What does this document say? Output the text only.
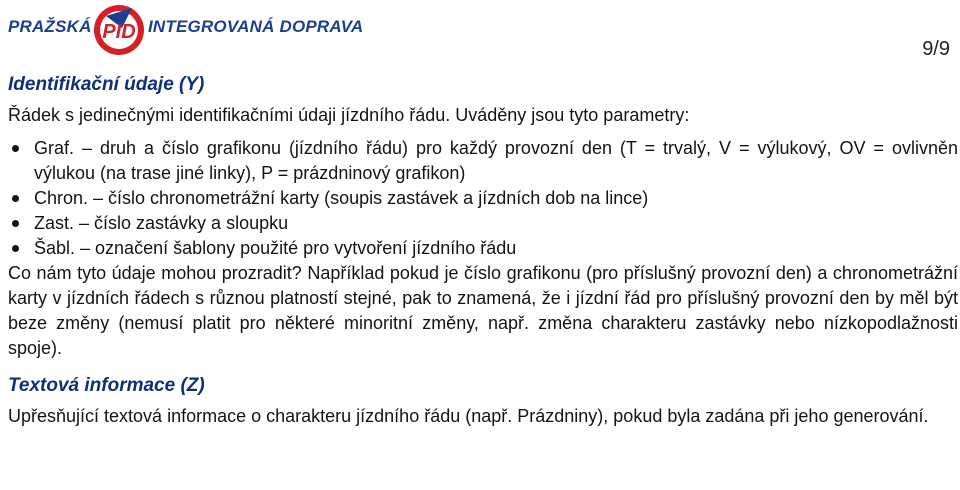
PRAŽSKÁ PID INTEGROVANÁ DOPRAVA
9/9
Identifikační údaje (Y)

Řádek s jedinečnými identifikačními údaji jízdního řádu. Uváděny jsou tyto parametry:

Graf. – druh a číslo grafikonu (jízdního řádu) pro každý provozní den (T = trvalý, V = výlukový, OV = ovlivněn výlukou (na trase jiné linky), P = prázdninový grafikon)
Chron. – číslo chronometrážní karty (soupis zastávek a jízdních dob na lince)
Zast. – číslo zastávky a sloupku
Šabl. – označení šablony použité pro vytvoření jízdního řádu

Co nám tyto údaje mohou prozradit? Například pokud je číslo grafikonu (pro příslušný provozní den) a chronometrážní karty v jízdních řádech s různou platností stejné, pak to znamená, že i jízdní řád pro příslušný provozní den by měl být beze změny (nemusí platit pro některé minoritní změny, např. změna charakteru zastávky nebo nízkopodlažnosti spoje).

Textová informace (Z)

Upřesňující textová informace o charakteru jízdního řádu (např. Prázdniny), pokud byla zadána při jeho generování.
